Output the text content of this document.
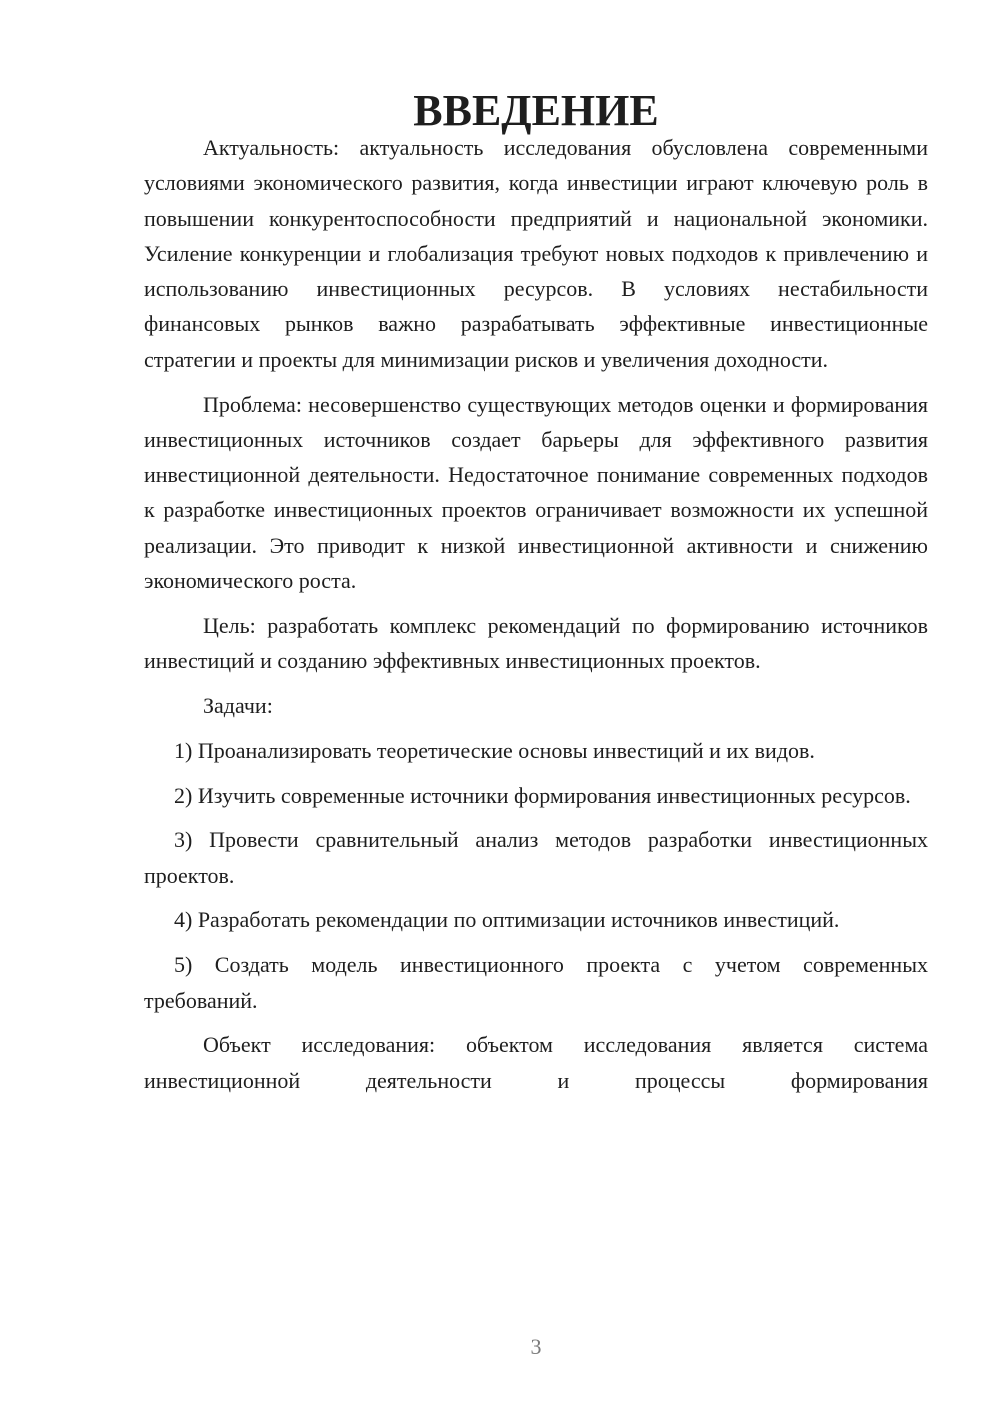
ВВЕДЕНИЕ

Актуальность: актуальность исследования обусловлена современными условиями экономического развития, когда инвестиции играют ключевую роль в повышении конкурентоспособности предприятий и национальной экономики. Усиление конкуренции и глобализация требуют новых подходов к привлечению и использованию инвестиционных ресурсов. В условиях нестабильности финансовых рынков важно разрабатывать эффективные инвестиционные стратегии и проекты для минимизации рисков и увеличения доходности.

Проблема: несовершенство существующих методов оценки и формирования инвестиционных источников создает барьеры для эффективного развития инвестиционной деятельности. Недостаточное понимание современных подходов к разработке инвестиционных проектов ограничивает возможности их успешной реализации. Это приводит к низкой инвестиционной активности и снижению экономического роста.

Цель: разработать комплекс рекомендаций по формированию источников инвестиций и созданию эффективных инвестиционных проектов.

Задачи:

1) Проанализировать теоретические основы инвестиций и их видов.

2) Изучить современные источники формирования инвестиционных ресурсов.

3) Провести сравнительный анализ методов разработки инвестиционных проектов.

4) Разработать рекомендации по оптимизации источников инвестиций.

5) Создать модель инвестиционного проекта с учетом современных требований.

Объект исследования: объектом исследования является система инвестиционной деятельности и процессы формирования

3
